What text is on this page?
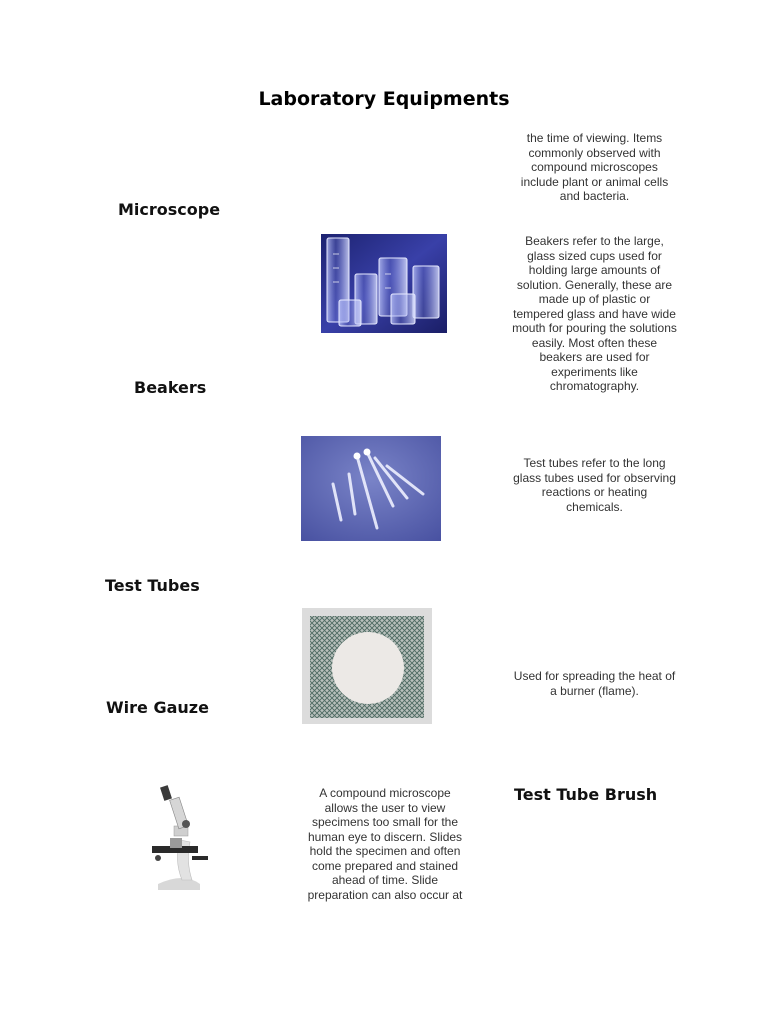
Laboratory Equipments
the time of viewing. Items commonly observed with compound microscopes include plant or animal cells and bacteria.
Microscope
Beakers refer to the large, glass sized cups used for holding large amounts of solution. Generally, these are made up of plastic or tempered glass and have wide mouth for pouring the solutions easily. Most often these beakers are used for experiments like chromatography.
Beakers
Test tubes refer to the long glass tubes used for observing reactions or heating chemicals.
Test Tubes
Used for spreading the heat of a burner (flame).
Wire Gauze
A compound microscope allows the user to view specimens too small for the human eye to discern. Slides hold the specimen and often come prepared and stained ahead of time. Slide preparation can also occur at
Test Tube Brush
